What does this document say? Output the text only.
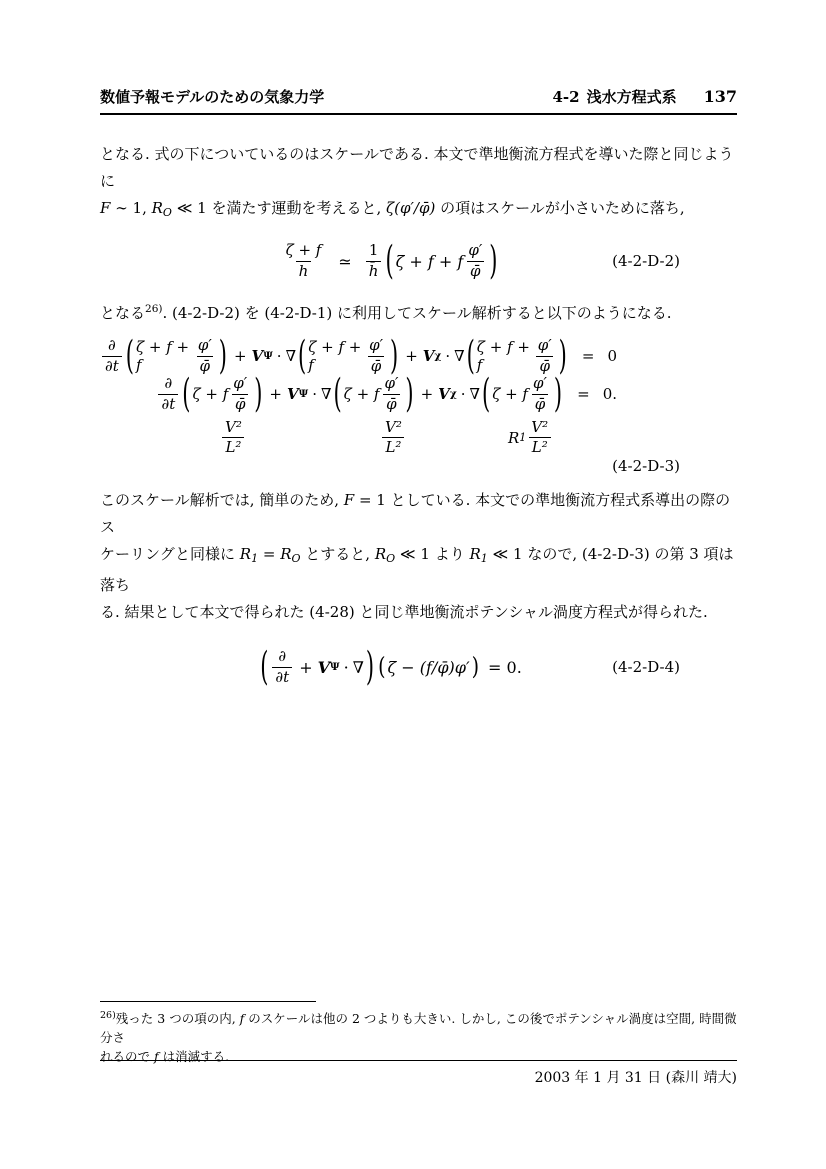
数値予報モデルのための気象力学	4-2 浅水方程式系 137

となる. 式の下についているのはスケールである. 本文で準地衡流方程式を導いた際と同じように
F ∼ 1, $R_O$ ≪ 1 を満たす運動を考えると, ζ(φ′/φ̄) の項はスケールが小さいために落ち,

$\frac{\zeta + f}{h}$ ≃ $\frac{1}{h̄}$ ( ζ + f + f $\frac{\varphi'}{\varphī}$ )	(4-2-D-2)

となる$^{26)}$. (4-2-D-2) を (4-2-D-1) に利用してスケール解析すると以下のようになる.

$\frac{\partial}{\partial t}$ ( ζ + f + f	$\frac{\varphi'}{\varphī}$ ) + V Ψ · ∇ ( ζ + f + f	$\frac{\varphi'}{\varphī}$ ) + V χ · ∇ ( ζ + f + f	$\frac{\varphi'}{\varphī}$ ) = 0
$\frac{\partial}{\partial t}$ ( ζ + f $\frac{\varphi'}{\varphī}$ ) + V Ψ · ∇ ( ζ + f $\frac{\varphi'}{\varphī}$ ) + V χ · ∇ ( ζ + f $\frac{\varphi'}{\varphī}$ ) = 0.
$\frac{\text{V²}}{\text{L²}}$	$\frac{\text{V²}}{\text{L²}}$	R $1 \frac{\text{V²}}{\text{L²}}$
(4-2-D-3)

このスケール解析では, 簡単のため, F = 1 としている. 本文での準地衡流方程式系導出の際のス
ケーリングと同様に $R_1 = R_O$ とすると, $R_O$ ≪ 1 より $R_1$ ≪ 1 なので, (4-2-D-3) の第 3 項は落ち
る. 結果として本文で得られた (4-28) と同じ準地衡流ポテンシャル渦度方程式が得られた.

( $\frac{\partial}{\partial t} + V$ Ψ · ∇ ) ( ζ − (f/φ̄)φ′ ) = 0.	(4-2-D-4)
$^{26)}$残った 3 つの項の内, f のスケールは他の 2 つよりも大きい. しかし, この後でポテンシャル渦度は空間, 時間微分さ
れるので f は消滅する.
2003 年 1 月 31 日 (森川 靖大)
